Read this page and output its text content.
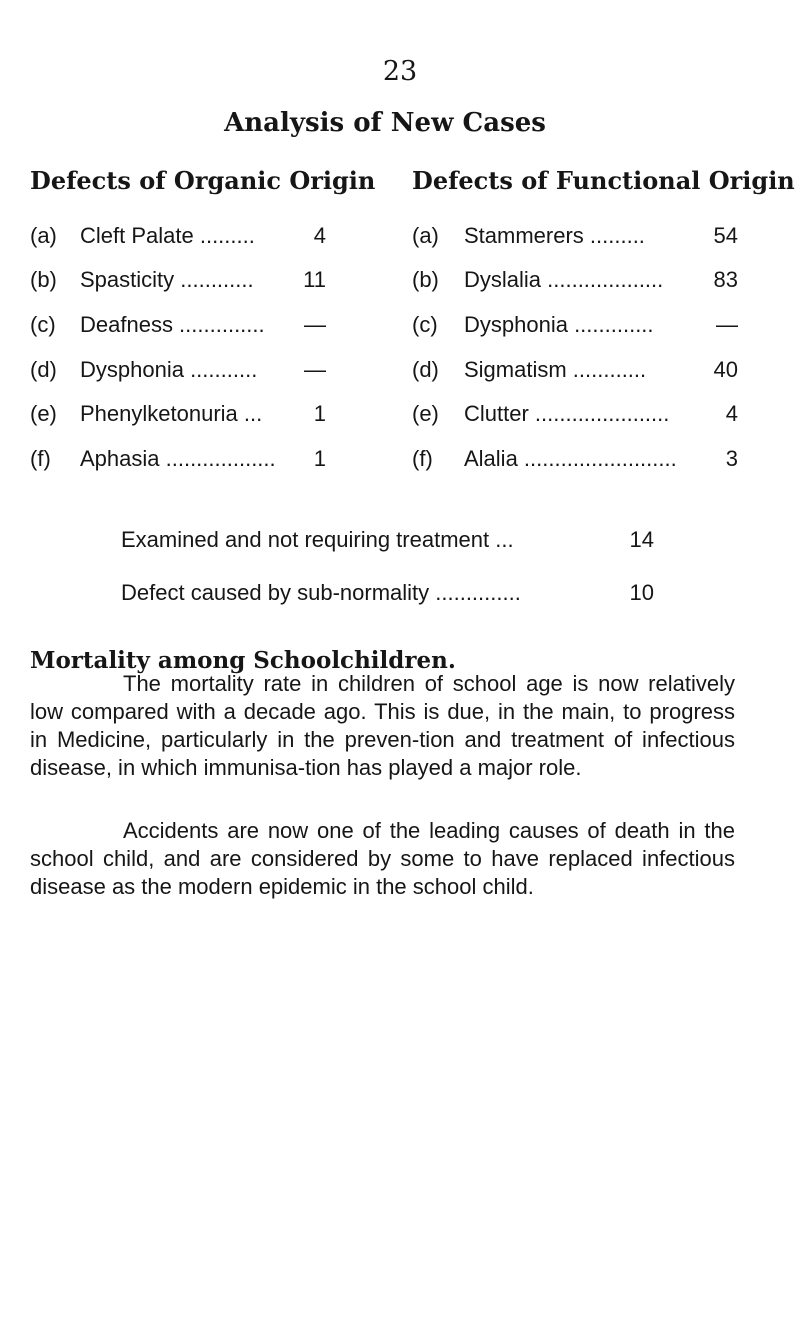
23
Analysis of New Cases
Defects of Organic Origin Defects of Functional Origin
(a) Cleft Palate .........	4
(b) Spasticity ............	11
(c) Deafness ..............	—
(d) Dysphonia ...........	—
(e) Phenylketonuria ...	1
(f) Aphasia ..................	1
(a) Stammerers .........	54
(b) Dyslalia ...................	83
(c) Dysphonia .............	—
(d) Sigmatism ............	40
(e) Clutter ......................	4
(f) Alalia .........................	3
Examined and not requiring treatment ...	14
Defect caused by sub-normality ..............	10
Mortality among Schoolchildren.

The mortality rate in children of school age is now relatively low compared with a decade ago. This is due, in the main, to progress in Medicine, particularly in the preven-tion and treatment of infectious disease, in which immunisa-tion has played a major role.

Accidents are now one of the leading causes of death in the school child, and are considered by some to have replaced infectious disease as the modern epidemic in the school child.
